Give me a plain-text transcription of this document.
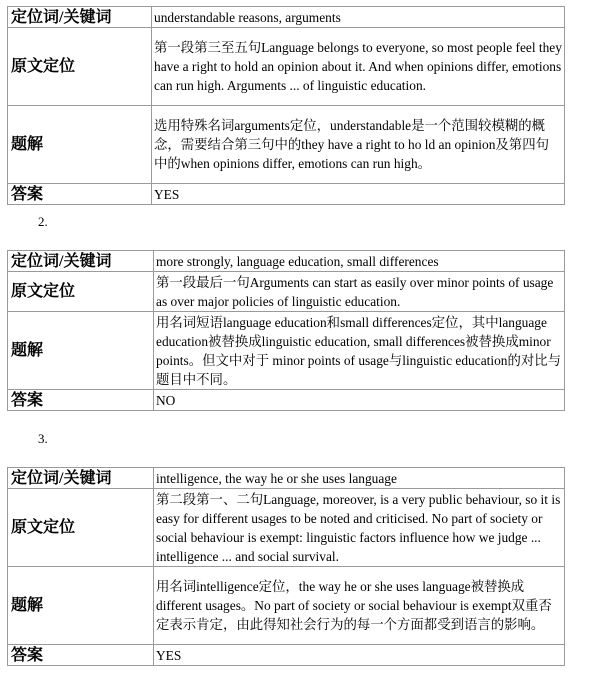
定位词/关键词	understandable reasons, arguments
原文定位	第一段第三至五句Language belongs to everyone, so most people feel they have a right to hold an opinion about it. And when opinions differ, emotions can run high. Arguments ... of linguistic education.
题解	选用特殊名词arguments定位，understandable是一个范围较模糊的概念，需要结合第三句中的they have a right to ho ld an opinion及第四句中的when opinions differ, emotions can run high。
答案	YES
2.
定位词/关键词	more strongly, language education, small differences
原文定位	第一段最后一句Arguments can start as easily over minor points of usage as over major policies of linguistic education.
题解	用名词短语language education和small differences定位，其中language education被替换成linguistic education, small differences被替换成minor points。但文中对于 minor points of usage与linguistic education的对比与题目中不同。
答案	NO
3.
定位词/关键词	intelligence, the way he or she uses language
原文定位	第二段第一、二句Language, moreover, is a very public behaviour, so it is easy for different usages to be noted and criticised. No part of society or social behaviour is exempt: linguistic factors influence how we judge ... intelligence ... and social survival.
题解	用名词intelligence定位，the way he or she uses language被替换成different usages。No part of society or social behaviour is exempt双重否定表示肯定，由此得知社会行为的每一个方面都受到语言的影响。
答案	YES
